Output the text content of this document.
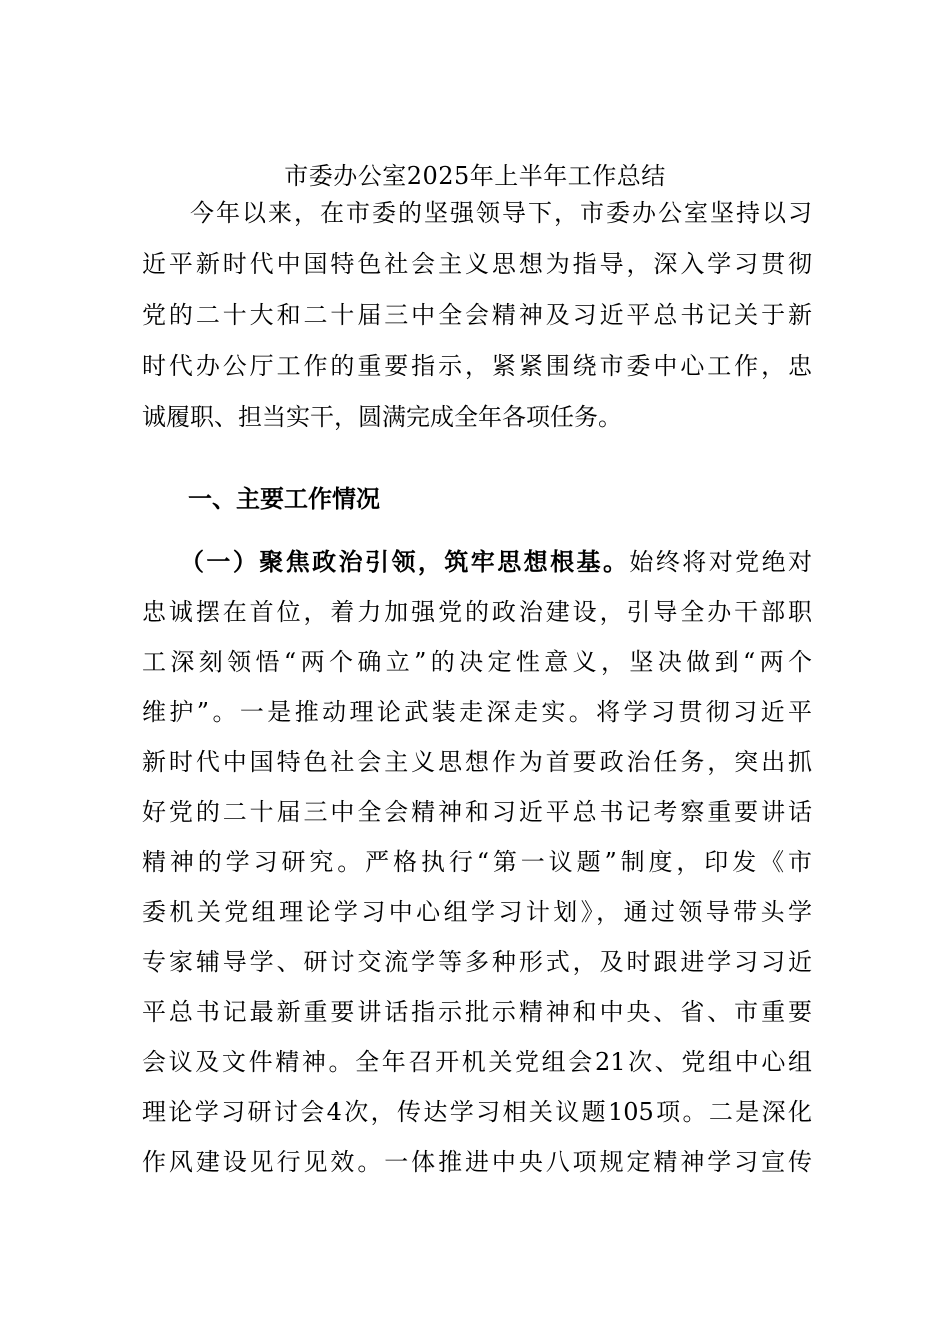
市委办公室2025年上半年工作总结
今年以来，在市委的坚强领导下，市委办公室坚持以习
近平新时代中国特色社会主义思想为指导，深入学习贯彻
党的二十大和二十届三中全会精神及习近平总书记关于新
时代办公厅工作的重要指示，紧紧围绕市委中心工作，忠
诚履职、担当实干，圆满完成全年各项任务。
一、主要工作情况
（一）聚焦政治引领，筑牢思想根基。始终将对党绝对
忠诚摆在首位，着力加强党的政治建设，引导全办干部职
工深刻领悟“两个确立”的决定性意义，坚决做到“两个
维护”。一是推动理论武装走深走实。将学习贯彻习近平
新时代中国特色社会主义思想作为首要政治任务，突出抓
好党的二十届三中全会精神和习近平总书记考察重要讲话
精神的学习研究。严格执行“第一议题”制度，印发《市
委机关党组理论学习中心组学习计划》，通过领导带头学
专家辅导学、研讨交流学等多种形式，及时跟进学习习近
平总书记最新重要讲话指示批示精神和中央、省、市重要
会议及文件精神。全年召开机关党组会21次、党组中心组
理论学习研讨会4次，传达学习相关议题105项。二是深化
作风建设见行见效。一体推进中央八项规定精神学习宣传
